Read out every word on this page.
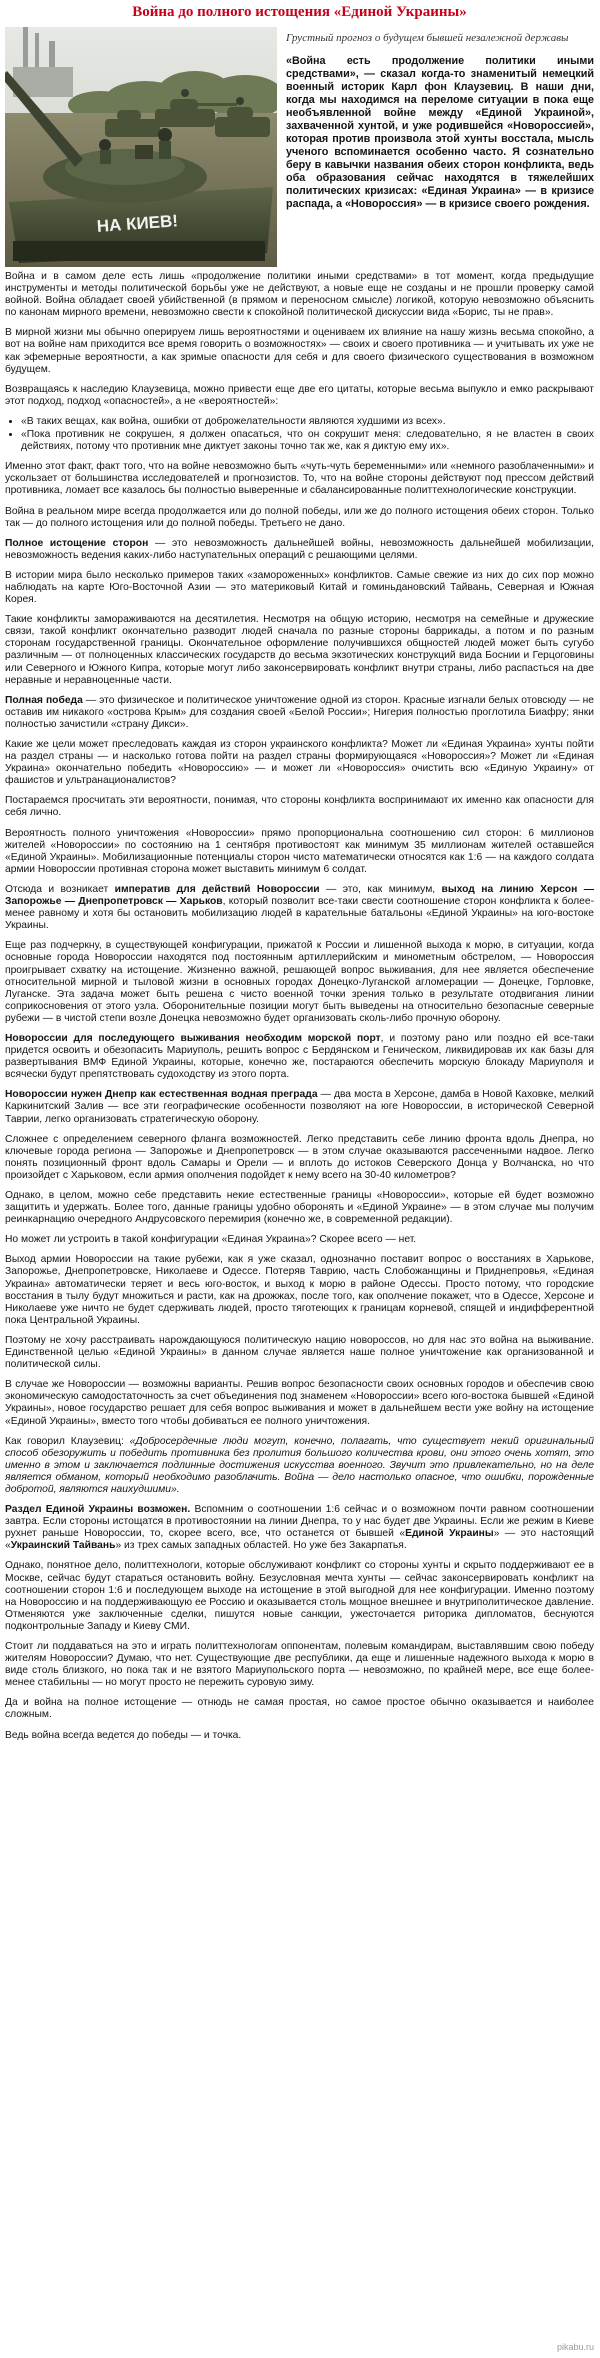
Война до полного истощения «Единой Украины»
НА КИЕВ!
Грустный прогноз о будущем бывшей незалежной державы
«Война есть продолжение политики иными средствами», — сказал когда-то знаменитый немецкий военный историк Карл фон Клаузевиц. В наши дни, когда мы находимся на переломе ситуации в пока еще необъявленной войне между «Единой Украиной», захваченной хунтой, и уже родившейся «Новороссией», которая против произвола этой хунты восстала, мысль ученого вспоминается особенно часто. Я сознательно беру в кавычки названия обеих сторон конфликта, ведь оба образования сейчас находятся в тяжелейших политических кризисах: «Единая Украина» — в кризисе распада, а «Новороссия» — в кризисе своего рождения.

Война и в самом деле есть лишь «продолжение политики иными средствами» в тот момент, когда предыдущие инструменты и методы политической борьбы уже не действуют, а новые еще не созданы и не прошли проверку самой войной. Война обладает своей убийственной (в прямом и переносном смысле) логикой, которую невозможно объяснить по канонам мирного времени, невозможно свести к спокойной политической дискуссии вида «Борис, ты не прав».

В мирной жизни мы обычно оперируем лишь вероятностями и оцениваем их влияние на нашу жизнь весьма спокойно, а вот на войне нам приходится все время говорить о возможностях» — своих и своего противника — и учитывать их уже не как эфемерные вероятности, а как зримые опасности для себя и для своего физического существования в возможном будущем.

Возвращаясь к наследию Клаузевица, можно привести еще две его цитаты, которые весьма выпукло и емко раскрывают этот подход, подход «опасностей», а не «вероятностей»:

• «В таких вещах, как война, ошибки от доброжелательности являются худшими из всех».
• «Пока противник не сокрушен, я должен опасаться, что он сокрушит меня: следовательно, я не властен в своих действиях, потому что противник мне диктует законы точно так же, как я диктую ему их».

Именно этот факт, факт того, что на войне невозможно быть «чуть-чуть беременными» или «немного разоблаченными» и ускользает от большинства исследователей и прогнозистов. То, что на войне стороны действуют под прессом действий противника, ломает все казалось бы полностью выверенные и сбалансированные политтехнологические конструкции.

Война в реальном мире всегда продолжается или до полной победы, или же до полного истощения обеих сторон. Только так — до полного истощения или до полной победы. Третьего не дано.

Полное истощение сторон — это невозможность дальнейшей войны, невозможность дальнейшей мобилизации, невозможность ведения каких-либо наступательных операций с решающими целями.

В истории мира было несколько примеров таких «замороженных» конфликтов. Самые свежие из них до сих пор можно наблюдать на карте Юго-Восточной Азии — это материковый Китай и гоминьдановский Тайвань, Северная и Южная Корея.

Такие конфликты замораживаются на десятилетия. Несмотря на общую историю, несмотря на семейные и дружеские связи, такой конфликт окончательно разводит людей сначала по разные стороны баррикады, а потом и по разным сторонам государственной границы. Окончательное оформление получившихся общностей людей может быть сугубо различным — от полноценных классических государств до весьма экзотических конструкций вида Боснии и Герцоговины или Северного и Южного Кипра, которые могут либо законсервировать конфликт внутри страны, либо распасться на две неравные и неравноценные части.

Полная победа — это физическое и политическое уничтожение одной из сторон. Красные изгнали белых отовсюду — не оставив им никакого «острова Крым» для создания своей «Белой России»; Нигерия полностью проглотила Биафру; янки полностью зачистили «страну Дикси».

Какие же цели может преследовать каждая из сторон украинского конфликта? Может ли «Единая Украина» хунты пойти на раздел страны — и насколько готова пойти на раздел страны формирующаяся «Новороссия»? Может ли «Единая Украина» окончательно победить «Новороссию» — и может ли «Новороссия» очистить всю «Единую Украину» от фашистов и ультранационалистов?

Постараемся просчитать эти вероятности, понимая, что стороны конфликта воспринимают их именно как опасности для себя лично.

Вероятность полного уничтожения «Новороссии» прямо пропорциональна соотношению сил сторон: 6 миллионов жителей «Новороссии» по состоянию на 1 сентября противостоят как минимум 35 миллионам жителей оставшейся «Единой Украины». Мобилизационные потенциалы сторон чисто математически относятся как 1:6 — на каждого солдата армии Новороссии противная сторона может выставить минимум 6 солдат.

Отсюда и возникает императив для действий Новороссии — это, как минимум, выход на линию Херсон — Запорожье — Днепропетровск — Харьков, который позволит все-таки свести соотношение сторон конфликта к более-менее равному и хотя бы остановить мобилизацию людей в карательные батальоны «Единой Украины» на юго-востоке Украины.

Еще раз подчеркну, в существующей конфигурации, прижатой к России и лишенной выхода к морю, в ситуации, когда основные города Новороссии находятся под постоянным артиллерийским и минометным обстрелом, — Новороссия проигрывает схватку на истощение. Жизненно важной, решающей вопрос выживания, для нее является обеспечение относительной мирной и тыловой жизни в основных городах Донецко-Луганской агломерации — Донецке, Горловке, Луганске. Эта задача может быть решена с чисто военной точки зрения только в результате отодвигания линии соприкосновения от этого узла. Оборонительные позиции могут быть выведены на относительно безопасные северные рубежи — в чистой степи возле Донецка невозможно будет организовать сколь-либо прочную оборону.

Новороссии для последующего выживания необходим морской порт, и поэтому рано или поздно ей все-таки придется освоить и обезопасить Мариуполь, решить вопрос с Бердянском и Геническом, ликвидировав их как базы для развертывания ВМФ Единой Украины, которые, конечно же, постараются обеспечить морскую блокаду Мариуполя и всячески будут препятствовать судоходству из этого порта.

Новороссии нужен Днепр как естественная водная преграда — два моста в Херсоне, дамба в Новой Каховке, мелкий Каркинитский Залив — все эти географические особенности позволяют на юге Новороссии, в исторической Северной Таврии, легко организовать стратегическую оборону.

Сложнее с определением северного фланга возможностей. Легко представить себе линию фронта вдоль Днепра, но ключевые города региона — Запорожье и Днепропетровск — в этом случае оказываются рассеченными надвое. Легко понять позиционный фронт вдоль Самары и Орели — и вплоть до истоков Северского Донца у Волчанска, но что произойдет с Харьковом, если армия ополчения подойдет к нему всего на 30-40 километров?

Однако, в целом, можно себе представить некие естественные границы «Новороссии», которые ей будет возможно защитить и удержать. Более того, данные границы удобно оборонять и «Единой Украине» — в этом случае мы получим реинкарнацию очередного Андрусовского перемирия (конечно же, в современной редакции).

Но может ли устроить в такой конфигурации «Единая Украина»? Скорее всего — нет.

Выход армии Новороссии на такие рубежи, как я уже сказал, однозначно поставит вопрос о восстаниях в Харькове, Запорожье, Днепропетровске, Николаеве и Одессе. Потеряв Таврию, часть Слобожанщины и Приднепровья, «Единая Украина» автоматически теряет и весь юго-восток, и выход к морю в районе Одессы. Просто потому, что городские восстания в тылу будут множиться и расти, как на дрожжах, после того, как ополчение покажет, что в Одессе, Херсоне и Николаеве уже ничто не будет сдерживать людей, просто тяготеющих к границам корневой, спящей и индифферентной пока Центральной Украины.

Поэтому не хочу расстраивать нарождающуюся политическую нацию новороссов, но для нас это война на выживание. Единственной целью «Единой Украины» в данном случае является наше полное уничтожение как организованной и политической силы.

В случае же Новороссии — возможны варианты. Решив вопрос безопасности своих основных городов и обеспечив свою экономическую самодостаточность за счет объединения под знаменем «Новороссии» всего юго-востока бывшей «Единой Украины», новое государство решает для себя вопрос выживания и может в дальнейшем вести уже войну на истощение «Единой Украины», вместо того чтобы добиваться ее полного уничтожения.

Как говорил Клаузевиц: «Добросердечные люди могут, конечно, полагать, что существует некий оригинальный способ обезоружить и победить противника без пролития большого количества крови, они этого очень хотят, это именно в этом и заключается подлинные достижения искусства военного. Звучит это привлекательно, но на деле является обманом, который необходимо разоблачить. Война — дело настолько опасное, что ошибки, порожденные добротой, являются наихудшими».

Раздел Единой Украины возможен. Вспомним о соотношении 1:6 сейчас и о возможном почти равном соотношении завтра. Если стороны истощатся в противостоянии на линии Днепра, то у нас будет две Украины. Если же режим в Киеве рухнет раньше Новороссии, то, скорее всего, все, что останется от бывшей «Единой Украины» — это настоящий «Украинский Тайвань» из трех самых западных областей. Но уже без Закарпатья.

Однако, понятное дело, политтехнологи, которые обслуживают конфликт со стороны хунты и скрыто поддерживают ее в Москве, сейчас будут стараться остановить войну. Безусловная мечта хунты — сейчас законсервировать конфликт на соотношении сторон 1:6 и последующем выходе на истощение в этой выгодной для нее конфигурации. Именно поэтому на Новороссию и на поддерживающую ее Россию и оказывается столь мощное внешнее и внутриполитическое давление. Отменяются уже заключенные сделки, пишутся новые санкции, ужесточается риторика дипломатов, беснуются подконтрольные Западу и Киеву СМИ.

Стоит ли поддаваться на это и играть политтехнологам оппонентам, полевым командирам, выставлявшим свою победу жителям Новороссии? Думаю, что нет. Существующие две республики, да еще и лишенные надежного выхода к морю в виде столь близкого, но пока так и не взятого Мариупольского порта — невозможно, по крайней мере, все еще более-менее стабильны — но могут просто не пережить суровую зиму.

Да и война на полное истощение — отнюдь не самая простая, но самое простое обычно оказывается и наиболее сложным.

Ведь война всегда ведется до победы — и точка.

pikabu.ru
